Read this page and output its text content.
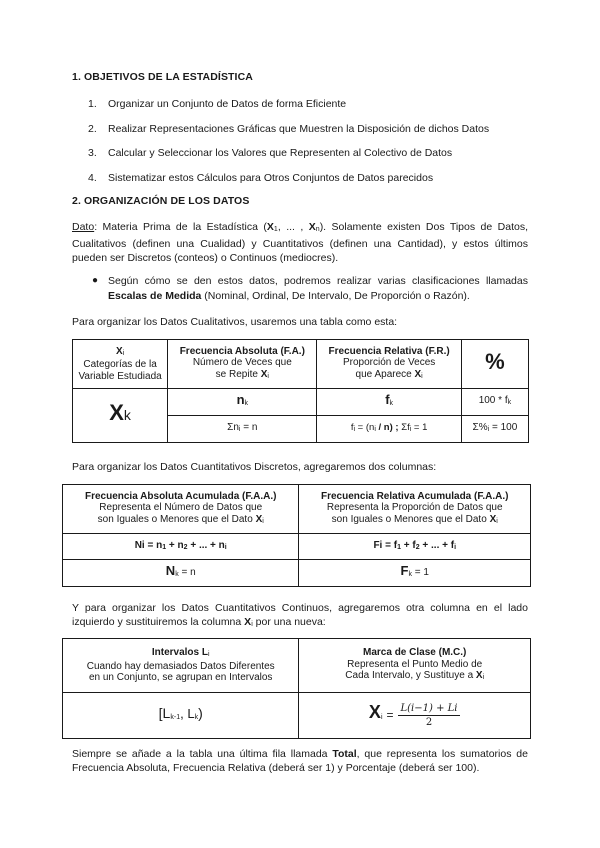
1. OBJETIVOS DE LA ESTADÍSTICA
1. Organizar un Conjunto de Datos de forma Eficiente
2. Realizar Representaciones Gráficas que Muestren la Disposición de dichos Datos
3. Calcular y Seleccionar los Valores que Representen al Colectivo de Datos
4. Sistematizar estos Cálculos para Otros Conjuntos de Datos parecidos
2. ORGANIZACIÓN DE LOS DATOS
Dato: Materia Prima de la Estadística ($X_1$, ... , $X_n$). Solamente existen Dos Tipos de Datos, Cualitativos (definen una Cualidad) y Cuantitativos (definen una Cantidad), y estos últimos pueden ser Discretos (conteos) o Continuos (mediocres).
● Según cómo se den estos datos, podremos realizar varias clasificaciones llamadas Escalas de Medida (Nominal, Ordinal, De Intervalo, De Proporción o Razón).
Para organizar los Datos Cualitativos, usaremos una tabla como esta:
$X_i$
Categorías de la
Variable Estudiada	Frecuencia Absoluta (F.A.)
Número de Veces que
se Repite $X_i$	Frecuencia Relativa (F.R.)
Proporción de Veces
que Aparece $X_i$	%
Xk	$n_k$	$f_k$	$100 * f_k$
	$\Sigma n_i = n$	$f_i = (n_i / n)$ ; $\Sigma f_i = 1$	$\Sigma\%_i = 100$
Para organizar los Datos Cuantitativos Discretos, agregaremos dos columnas:
Frecuencia Absoluta Acumulada (F.A.A.)
Representa el Número de Datos que
son Iguales o Menores que el Dato $X_i$	Frecuencia Relativa Acumulada (F.A.A.)
Representa la Proporción de Datos que
son Iguales o Menores que el Dato $X_i$
$Ni = n_1 + n_2$ + ... + $n_i$	$Fi = f_1 + f_2$ + ... + $f_i$
$N_k = n$	$F_k = 1$
Y para organizar los Datos Cuantitativos Continuos, agregaremos otra columna en el lado izquierdo y sustituiremos la columna $X_i$ por una nueva:
Intervalos $L_i$
Cuando hay demasiados Datos Diferentes
en un Conjunto, se agrupan en Intervalos	Marca de Clase (M.C.)
Representa el Punto Medio de
Cada Intervalo, y Sustituye a $X_i$
[$L_{k-1}$, $L_k$)	$X_i = \frac{L(i-1) + Li}{2}$
Siempre se añade a la tabla una última fila llamada Total, que representa los sumatorios de Frecuencia Absoluta, Frecuencia Relativa (deberá ser 1) y Porcentaje (deberá ser 100).
